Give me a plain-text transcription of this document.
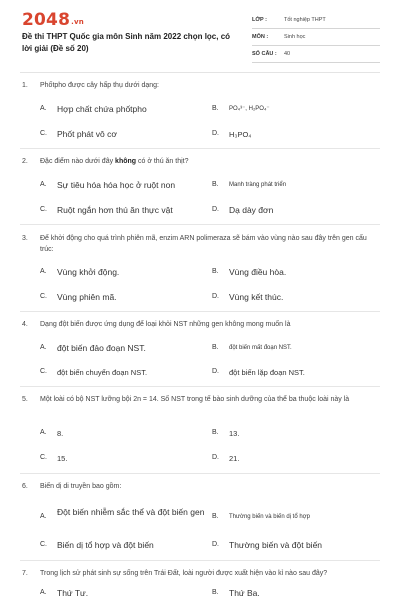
2048.vn
Đề thi THPT Quốc gia môn Sinh năm 2022 chọn lọc, có lời giải (Đề số 20)
LỚP :	Tốt nghiệp THPT
MÔN :	Sinh học
SỐ CÂU : 40
1. Phốtpho được cây hấp thụ dưới dạng:
A. Hợp chất chứa phốtpho	B. PO₄³⁻, H₂PO₄⁻
C. Phốt phát vô cơ	D. H₃PO₄
2. Đặc điểm nào dưới đây không có ở thú ăn thịt?
A. Sự tiêu hóa hóa học ở ruột non	B. Manh tràng phát triển
C. Ruột ngắn hơn thú ăn thực vật	D. Dạ dày đơn
3. Để khởi động cho quá trình phiên mã, enzim ARN polimeraza sẽ bám vào vùng nào sau đây trên gen cấu trúc:
A. Vùng khởi động.	B. Vùng điều hòa.
C. Vùng phiên mã.	D. Vùng kết thúc.
4. Dạng đột biến được ứng dụng để loại khỏi NST những gen không mong muốn là
A. đột biến đảo đoạn NST.	B. đột biến mất đoạn NST.
C. đột biến chuyển đoạn NST.	D. đột biến lặp đoạn NST.
5. Một loài có bộ NST lưỡng bội 2n = 14. Số NST trong tế bào sinh dưỡng của thể ba thuộc loài này là
A. 8.	B. 13.
C. 15.	D. 21.
6. Biến dị di truyền bao gồm:
A. Đột biến nhiễm sắc thể và đột biến gen	B. Thường biến và biến dị tổ hợp
C. Biến dị tổ hợp và đột biến	D. Thường biến và đột biến
7. Trong lịch sử phát sinh sự sống trên Trái Đất, loài người được xuất hiện vào kỉ nào sau đây?
A. Thứ Tư.	B. Thứ Ba.
